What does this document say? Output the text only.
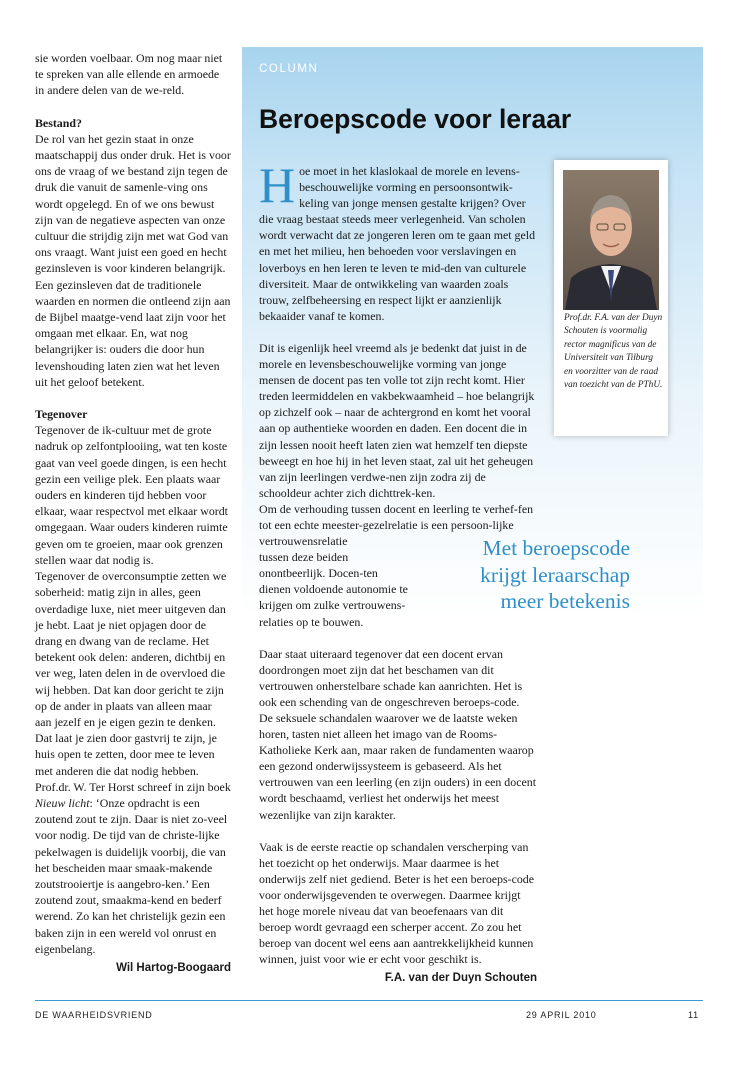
sie worden voelbaar. Om nog maar niet te spreken van alle ellende en armoede in andere delen van de we-reld.

Bestand?

De rol van het gezin staat in onze maatschappij dus onder druk. Het is voor ons de vraag of we bestand zijn tegen de druk die vanuit de samenle-ving ons wordt opgelegd. En of we ons bewust zijn van de negatieve aspecten van onze cultuur die strijdig zijn met wat God van ons vraagt. Want juist een goed en hecht gezinsleven is voor kinderen belangrijk. Een gezinsleven dat de traditionele waarden en normen die ontleend zijn aan de Bijbel maatge-vend laat zijn voor het omgaan met elkaar. En, wat nog belangrijker is: ouders die door hun levenshouding laten zien wat het leven uit het geloof betekent.

Tegenover

Tegenover de ik-cultuur met de grote nadruk op zelfontplooiing, wat ten koste gaat van veel goede dingen, is een hecht gezin een veilige plek. Een plaats waar ouders en kinderen tijd hebben voor elkaar, waar respectvol met elkaar wordt omgegaan. Waar ouders kinderen ruimte geven om te groeien, maar ook grenzen stellen waar dat nodig is.

Tegenover de overconsumptie zetten we soberheid: matig zijn in alles, geen overdadige luxe, niet meer uitgeven dan je hebt. Laat je niet opjagen door de drang en dwang van de reclame. Het betekent ook delen: anderen, dichtbij en ver weg, laten delen in de overvloed die wij hebben. Dat kan door gericht te zijn op de ander in plaats van alleen maar aan jezelf en je eigen gezin te denken. Dat laat je zien door gastvrij te zijn, je huis open te zetten, door mee te leven met anderen die dat nodig hebben.

Prof.dr. W. Ter Horst schreef in zijn boek Nieuw licht: ‘Onze opdracht is een zoutend zout te zijn. Daar is niet zo-veel voor nodig. De tijd van de christe-lijke pekelwagen is duidelijk voorbij, die van het bescheiden maar smaak-makende zoutstrooiertje is aangebro-ken.’ Een zoutend zout, smaakma-kend en bederf werend. Zo kan het christelijk gezin een baken zijn in een wereld vol onrust en eigenbelang.

Wil Hartog-Boogaard
COLUMN
Beroepscode voor leraar
H oe moet in het klaslokaal de morele en levens-beschouwelijke vorming en persoonsontwik-keling van jonge mensen gestalte krijgen? Over die vraag bestaat steeds meer verlegenheid. Van scholen wordt verwacht dat ze jongeren leren om te gaan met geld en met het milieu, hen behoeden voor verslavingen en loverboys en hen leren te leven te mid-den van culturele diversiteit. Maar de ontwikkeling van waarden zoals trouw, zelfbeheersing en respect lijkt er aanzienlijk bekaaider vanaf te komen.

Dit is eigenlijk heel vreemd als je bedenkt dat juist in de morele en levensbeschouwelijke vorming van jonge mensen de docent pas ten volle tot zijn recht komt. Hier treden leermiddelen en vakbekwaamheid – hoe belangrijk op zichzelf ook – naar de achtergrond en komt het vooral aan op authentieke woorden en daden. Een docent die in zijn lessen nooit heeft laten zien wat hemzelf ten diepste beweegt en hoe hij in het leven staat, zal uit het geheugen van zijn leerlingen verdwe-nen zijn zodra zij de schooldeur achter zich dichttrek-ken.

Om de verhouding tussen docent en leerling te verhef-fen tot een echte meester-gezelrelatie is een persoon-lijke vertrouwensrelatie

tussen deze beiden onontbeerlijk. Docen-ten dienen voldoende autonomie te krijgen om zulke vertrouwens-relaties op te bouwen.

Daar staat uiteraard tegenover dat een docent ervan doordrongen moet zijn dat het beschamen van dit vertrouwen onherstelbare schade kan aanrichten. Het is ook een schending van de ongeschreven beroeps-code.

De seksuele schandalen waarover we de laatste weken horen, tasten niet alleen het imago van de Rooms-Katholieke Kerk aan, maar raken de fundamenten waarop een gezond onderwijssysteem is gebaseerd. Als het vertrouwen van een leerling (en zijn ouders) in een docent wordt beschaamd, verliest het onderwijs het meest wezenlijke van zijn karakter.

Vaak is de eerste reactie op schandalen verscherping van het toezicht op het onderwijs. Maar daarmee is het onderwijs zelf niet gediend. Beter is het een beroeps-code voor onderwijsgevenden te overwegen. Daarmee krijgt het hoge morele niveau dat van beoefenaars van dit beroep wordt gevraagd een scherper accent. Zo zou het beroep van docent wel eens aan aantrekkelijkheid kunnen winnen, juist voor wie er echt voor geschikt is.

F.A. van der Duyn Schouten

Prof.dr. F.A. van der Duyn Schouten is voormalig rector magnificus van de Universiteit van Tilburg en voorzitter van de raad van toezicht van de PThU.

Met beroepscode krijgt leraarschap meer betekenis

DE WAARHEIDSVRIEND	29 APRIL 2010	11
